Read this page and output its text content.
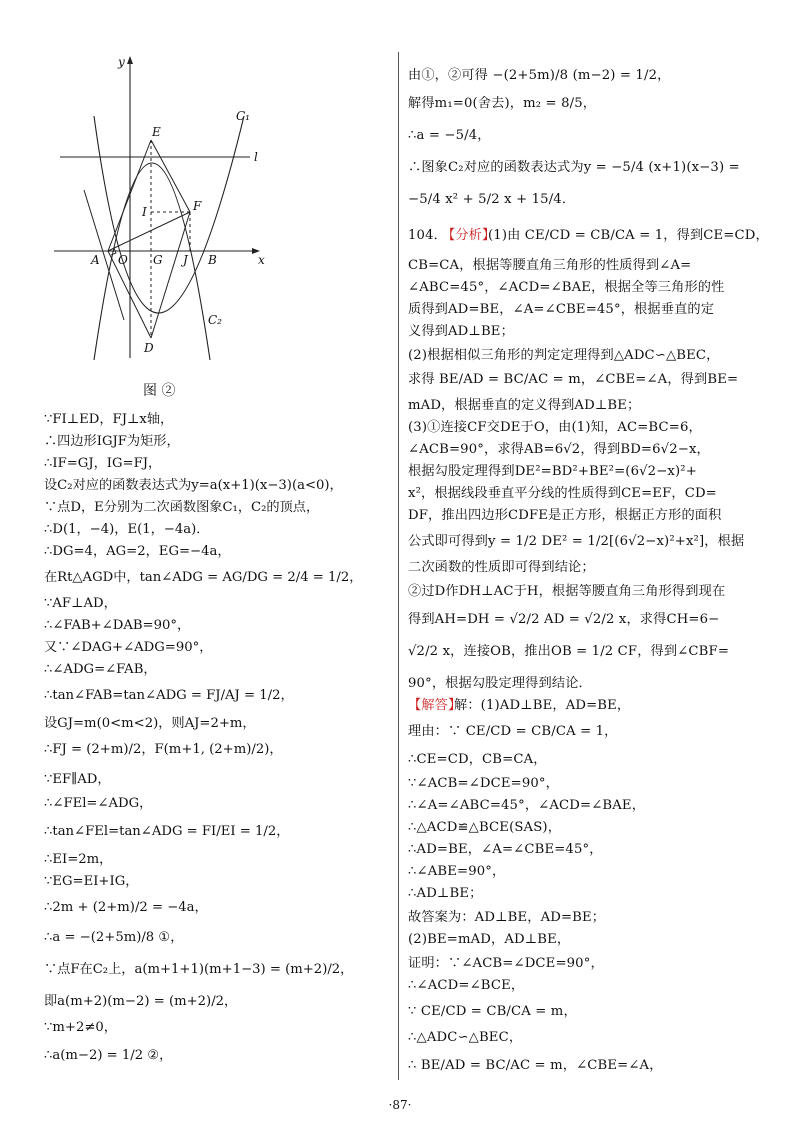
y
x
E
F
I
A O G J B
D
l
C₁
C₂
图 ②
∵FI⊥ED，FJ⊥x轴，
∴四边形IGJF为矩形，
∴IF=GJ，IG=FJ，
设C₂对应的函数表达式为y=a(x+1)(x−3)(a<0)，
∵点D，E分别为二次函数图象C₁，C₂的顶点，
∴D(1，−4)，E(1，−4a)．
∴DG=4，AG=2，EG=−4a，
在Rt△AGD中，tan∠ADG = AG/DG = 2/4 = 1/2，
∵AF⊥AD，
∴∠FAB+∠DAB=90°，
又∵∠DAG+∠ADG=90°，
∴∠ADG=∠FAB，
∴tan∠FAB=tan∠ADG = FJ/AJ = 1/2，
设GJ=m(0<m<2)，则AJ=2+m，
∴FJ = (2+m)/2，F(m+1, (2+m)/2)，
∵EF∥AD，
∴∠FEl=∠ADG，
∴tan∠FEl=tan∠ADG = FI/EI = 1/2，
∴EI=2m，
∵EG=EI+IG，
∴2m + (2+m)/2 = −4a，
∴a = −(2+5m)/8 ①，
∵点F在C₂上，a(m+1+1)(m+1−3) = (m+2)/2，
即a(m+2)(m−2) = (m+2)/2，
∵m+2≠0，
∴a(m−2) = 1/2 ②，
由①，②可得 −(2+5m)/8 (m−2) = 1/2，
解得m₁=0(舍去)，m₂ = 8/5，
∴a = −5/4，
∴图象C₂对应的函数表达式为y = −5/4 (x+1)(x−3) =
−5/4 x² + 5/2 x + 15/4．
104．
【分析】
(1)由 CE/CD = CB/CA = 1，得到CE=CD，
CB=CA，根据等腰直角三角形的性质得到∠A=
∠ABC=45°，∠ACD=∠BAE，根据全等三角形的性
质得到AD=BE，∠A=∠CBE=45°，根据垂直的定
义得到AD⊥BE；
(2)根据相似三角形的判定定理得到△ADC∽△BEC，
求得 BE/AD = BC/AC = m，∠CBE=∠A，得到BE=
mAD，根据垂直的定义得到AD⊥BE；
(3)①连接CF交DE于O，由(1)知，AC=BC=6，
∠ACB=90°，求得AB=6√2，得到BD=6√2−x，
根据勾股定理得到DE²=BD²+BE²=(6√2−x)²+
x²，根据线段垂直平分线的性质得到CE=EF，CD=
DF，推出四边形CDFE是正方形，根据正方形的面积
公式即可得到y = 1/2 DE² = 1/2[(6√2−x)²+x²]，根据
二次函数的性质即可得到结论；
②过D作DH⊥AC于H，根据等腰直角三角形得到现在
得到AH=DH = √2/2 AD = √2/2 x，求得CH=6−
√2/2 x，连接OB，推出OB = 1/2 CF，得到∠CBF=
90°，根据勾股定理得到结论．
【解答】
解：(1)AD⊥BE，AD=BE，
理由：∵ CE/CD = CB/CA = 1，
∴CE=CD，CB=CA，
∵∠ACB=∠DCE=90°，
∴∠A=∠ABC=45°，∠ACD=∠BAE，
∴△ACD≌△BCE(SAS)，
∴AD=BE，∠A=∠CBE=45°，
∴∠ABE=90°，
∴AD⊥BE；
故答案为：AD⊥BE，AD=BE；
(2)BE=mAD，AD⊥BE，
证明：∵∠ACB=∠DCE=90°，
∴∠ACD=∠BCE，
∵ CE/CD = CB/CA = m，
∴△ADC∽△BEC，
∴ BE/AD = BC/AC = m，∠CBE=∠A，
·87·
